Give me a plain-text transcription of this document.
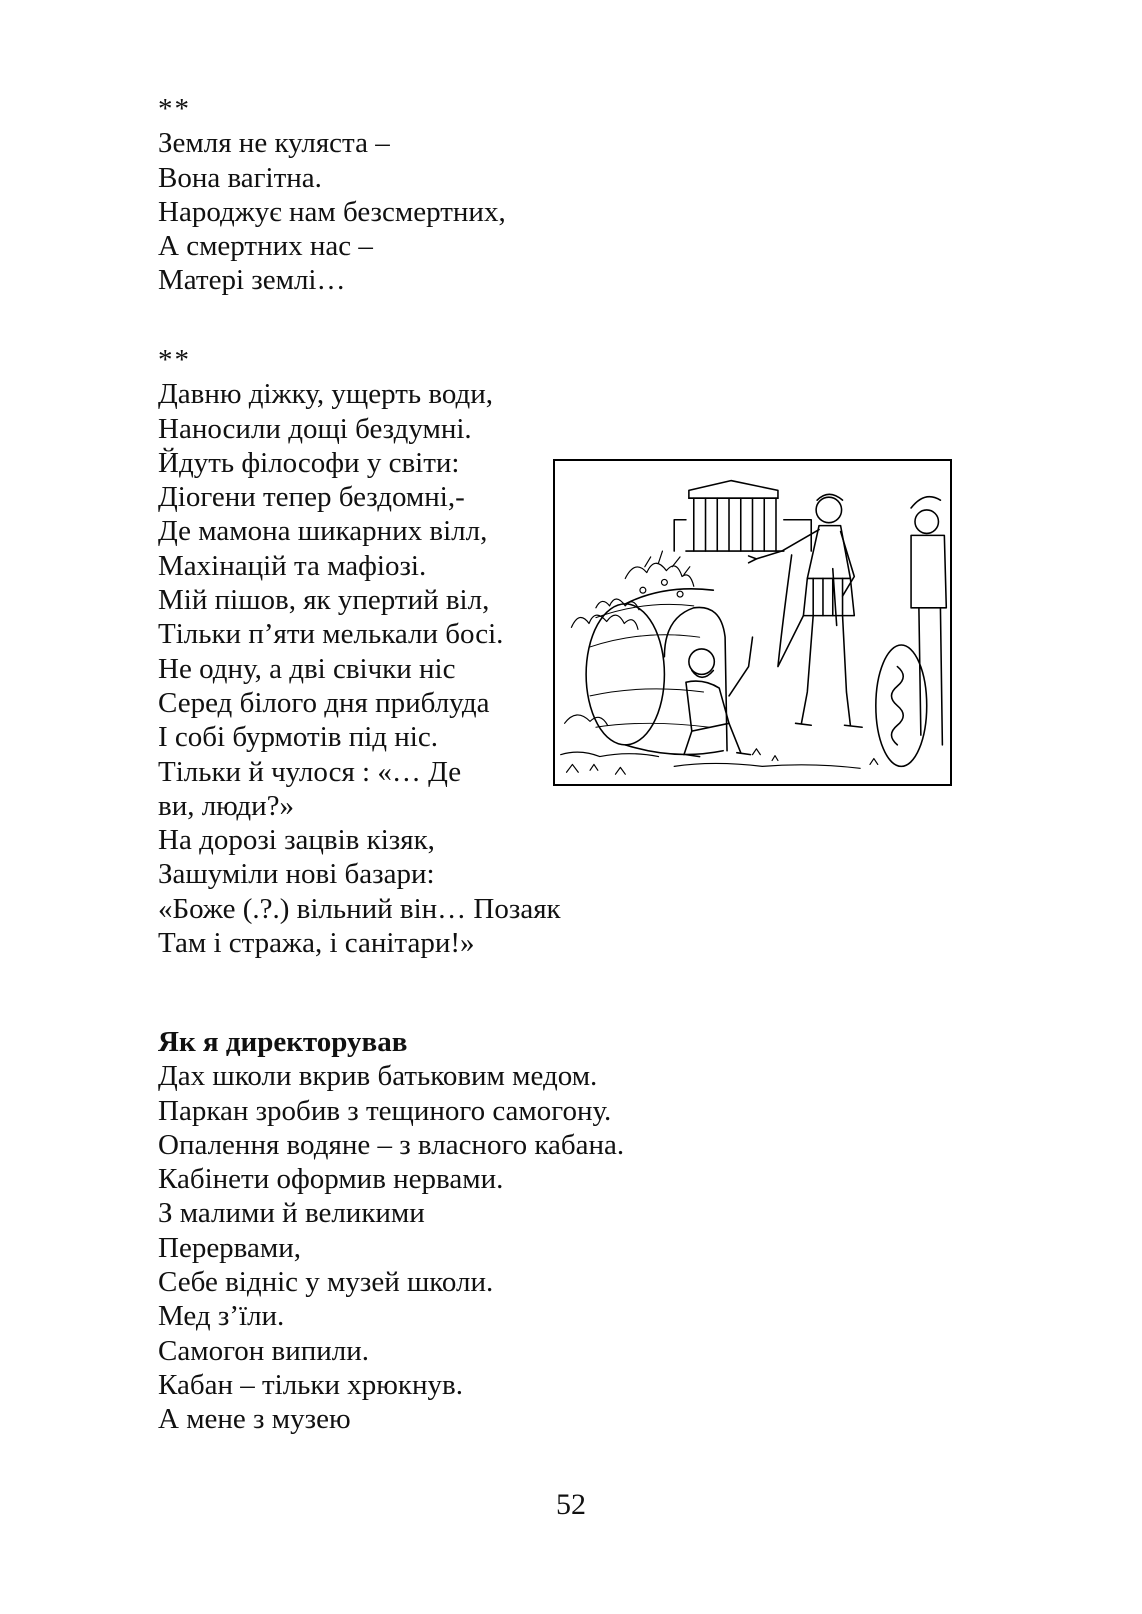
**
Земля не куляста –
Вона вагітна.
Народжує нам безсмертних,
А смертних нас –
Матері землі…
**
Давню діжку, ущерть води,
Наносили дощі бездумні.
Йдуть філософи у світи:
Діогени тепер бездомні,-
Де мамона шикарних вілл,
Махінацій та мафіозі.
Мій пішов, як упертий віл,
Тільки п’яти мелькали босі.
Не одну, а дві свічки ніс
Серед білого дня приблуда
І собі бурмотів під ніс.
Тільки й чулося : «… Де
ви, люди?»
На дорозі зацвів кізяк,
Зашуміли нові базари:
«Боже (.?.) вільний він… Позаяк
Там і стража, і санітари!»
Як я директорував
Дах школи вкрив батьковим медом.
Паркан зробив з тещиного самогону.
Опалення водяне – з власного кабана.
Кабінети оформив нервами.
З малими й великими
Перервами,
Себе відніс у музей школи.
Мед з’їли.
Самогон випили.
Кабан – тільки хрюкнув.
А мене з музею
52
